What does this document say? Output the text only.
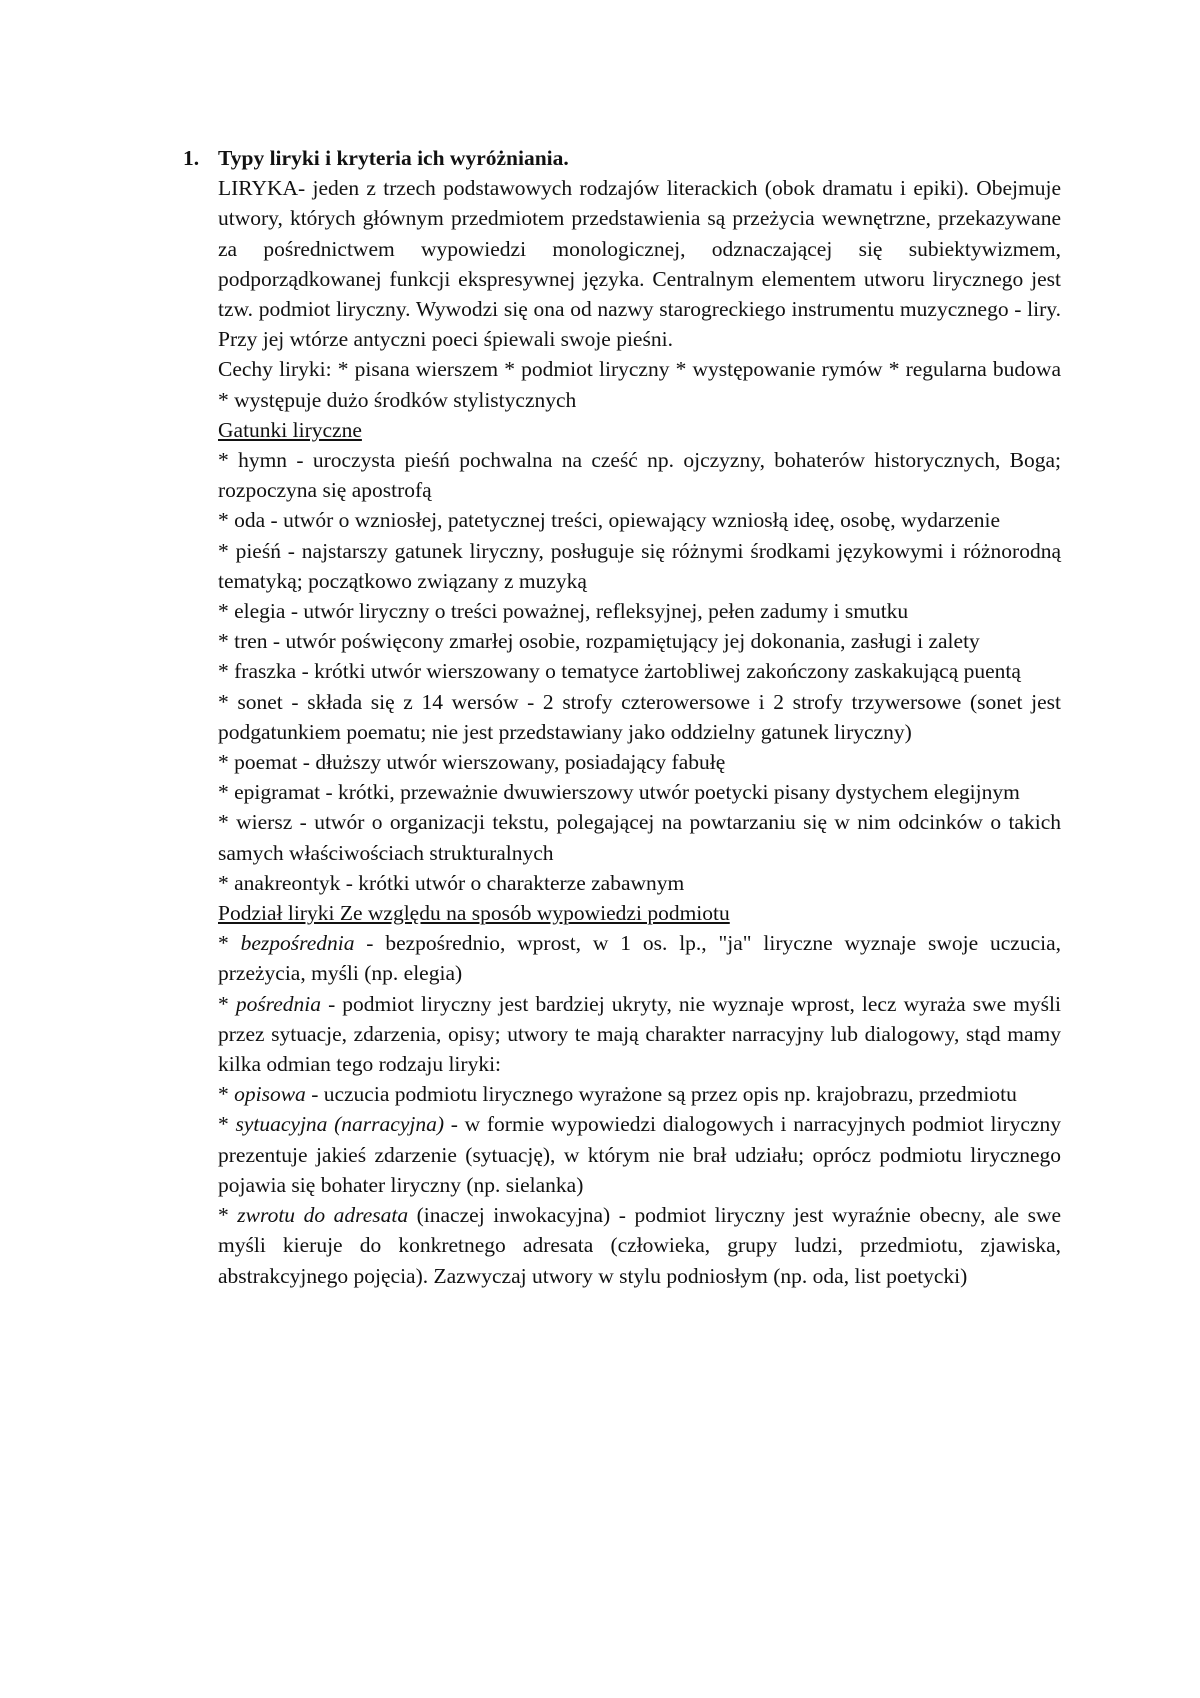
1. Typy liryki i kryteria ich wyróżniania.

LIRYKA- jeden z trzech podstawowych rodzajów literackich (obok dramatu i epiki). Obejmuje utwory, których głównym przedmiotem przedstawienia są przeżycia wewnętrzne, przekazywane za pośrednictwem wypowiedzi monologicznej, odznaczającej się subiektywizmem, podporządkowanej funkcji ekspresywnej języka. Centralnym elementem utworu lirycznego jest tzw. podmiot liryczny. Wywodzi się ona od nazwy starogreckiego instrumentu muzycznego - liry. Przy jej wtórze antyczni poeci śpiewali swoje pieśni.

Cechy liryki: * pisana wierszem * podmiot liryczny * występowanie rymów * regularna budowa * występuje dużo środków stylistycznych

Gatunki liryczne

* hymn - uroczysta pieśń pochwalna na cześć np. ojczyzny, bohaterów historycznych, Boga; rozpoczyna się apostrofą

* oda - utwór o wzniosłej, patetycznej treści, opiewający wzniosłą ideę, osobę, wydarzenie

* pieśń - najstarszy gatunek liryczny, posługuje się różnymi środkami językowymi i różnorodną tematyką; początkowo związany z muzyką

* elegia - utwór liryczny o treści poważnej, refleksyjnej, pełen zadumy i smutku

* tren - utwór poświęcony zmarłej osobie, rozpamiętujący jej dokonania, zasługi i zalety

* fraszka - krótki utwór wierszowany o tematyce żartobliwej zakończony zaskakującą puentą

* sonet - składa się z 14 wersów - 2 strofy czterowersowe i 2 strofy trzywersowe (sonet jest podgatunkiem poematu; nie jest przedstawiany jako oddzielny gatunek liryczny)

* poemat - dłuższy utwór wierszowany, posiadający fabułę

* epigramat - krótki, przeważnie dwuwierszowy utwór poetycki pisany dystychem elegijnym

* wiersz - utwór o organizacji tekstu, polegającej na powtarzaniu się w nim odcinków o takich samych właściwościach strukturalnych

* anakreontyk - krótki utwór o charakterze zabawnym

Podział liryki Ze względu na sposób wypowiedzi podmiotu

* bezpośrednia - bezpośrednio, wprost, w 1 os. lp., "ja" liryczne wyznaje swoje uczucia, przeżycia, myśli (np. elegia)

* pośrednia - podmiot liryczny jest bardziej ukryty, nie wyznaje wprost, lecz wyraża swe myśli przez sytuacje, zdarzenia, opisy; utwory te mają charakter narracyjny lub dialogowy, stąd mamy kilka odmian tego rodzaju liryki:

* opisowa - uczucia podmiotu lirycznego wyrażone są przez opis np. krajobrazu, przedmiotu

* sytuacyjna (narracyjna) - w formie wypowiedzi dialogowych i narracyjnych podmiot liryczny prezentuje jakieś zdarzenie (sytuację), w którym nie brał udziału; oprócz podmiotu lirycznego pojawia się bohater liryczny (np. sielanka)

* zwrotu do adresata (inaczej inwokacyjna) - podmiot liryczny jest wyraźnie obecny, ale swe myśli kieruje do konkretnego adresata (człowieka, grupy ludzi, przedmiotu, zjawiska, abstrakcyjnego pojęcia). Zazwyczaj utwory w stylu podniosłym (np. oda, list poetycki)
